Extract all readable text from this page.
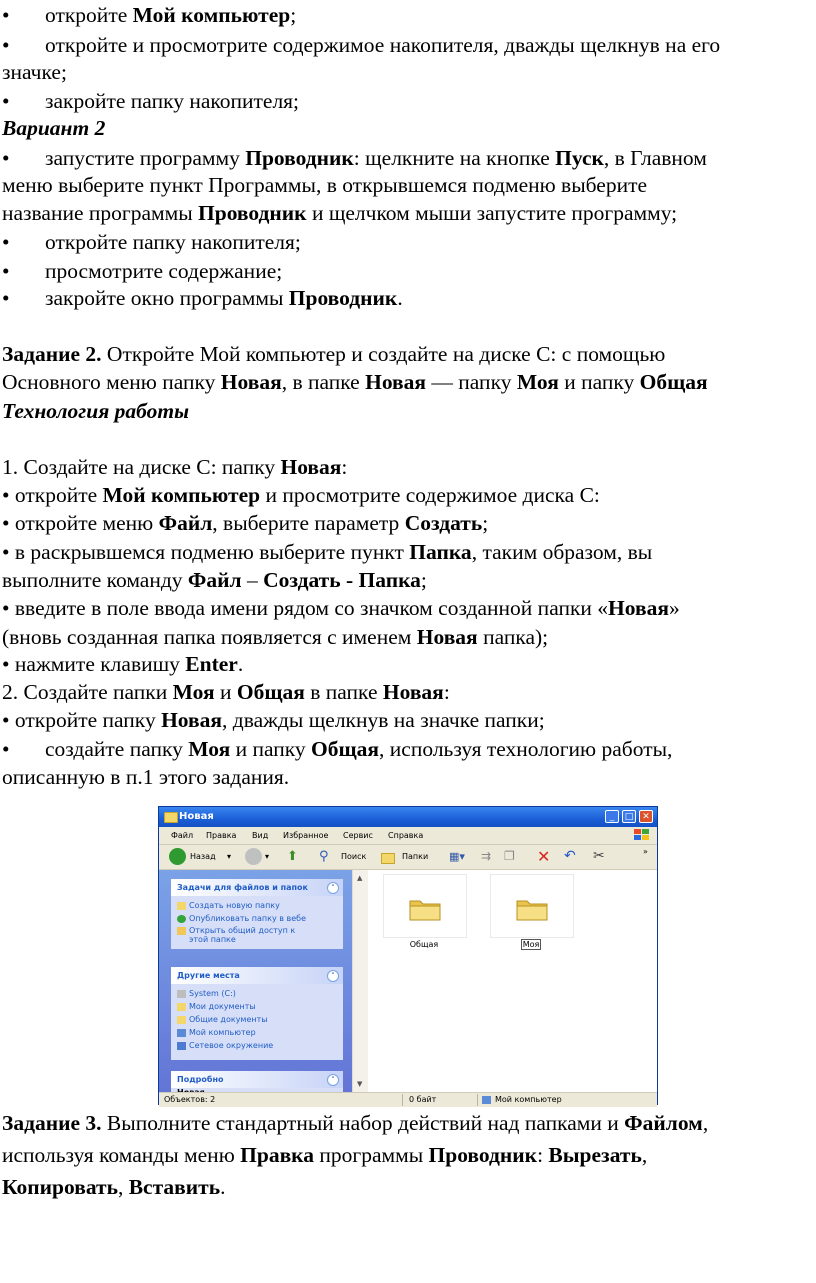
• откройте Мой компьютер;
• откройте и просмотрите содержимое накопителя, дважды щелкнув на его
значке;
• закройте папку накопителя;
Вариант 2
• запустите программу Проводник: щелкните на кнопке Пуск, в Главном
меню выберите пункт Программы, в открывшемся подменю выберите
название программы Проводник и щелчком мыши запустите программу;
• откройте папку накопителя;
• просмотрите содержание;
• закройте окно программы Проводник.
Задание 2. Откройте Мой компьютер и создайте на диске С: с помощью
Основного меню папку Новая, в папке Новая — папку Моя и папку Общая
Технология работы
1. Создайте на диске С: папку Новая:
• откройте Мой компьютер и просмотрите содержимое диска С:
• откройте меню Файл, выберите параметр Создать;
• в раскрывшемся подменю выберите пункт Папка, таким образом, вы
выполните команду Файл – Создать - Папка;
• введите в поле ввода имени рядом со значком созданной папки «Новая»
(вновь созданная папка появляется с именем Новая папка);
• нажмите клавишу Enter.
2. Создайте папки Моя и Общая в папке Новая:
• откройте папку Новая, дважды щелкнув на значке папки;
• создайте папку Моя и папку Общая, используя технологию работы,
описанную в п.1 этого задания.
Задание 3. Выполните стандартный набор действий над папками и Файлом,
используя команды меню Правка программы Проводник: Вырезать,
Копировать, Вставить.
Новая	_	□ ✕
Файл Правка Вид Избранное Сервис Справка
Назад ▾	▾ ⬆ ⚲ Поиск	Папки ▦▾ ⇉ ❐ ✕ ↶ ✂	»
Задачи для файлов и папок	˄
Создать новую папку
Опубликовать папку в вебе
Открыть общий доступ к
этой папке
Другие места	˄
System (C:)
Мои документы
Общие документы
Мой компьютер
Сетевое окружение
Подробно	˄
▲
▼
Общая	Моя
Объектов: 2	0 байт	Мой компьютер
